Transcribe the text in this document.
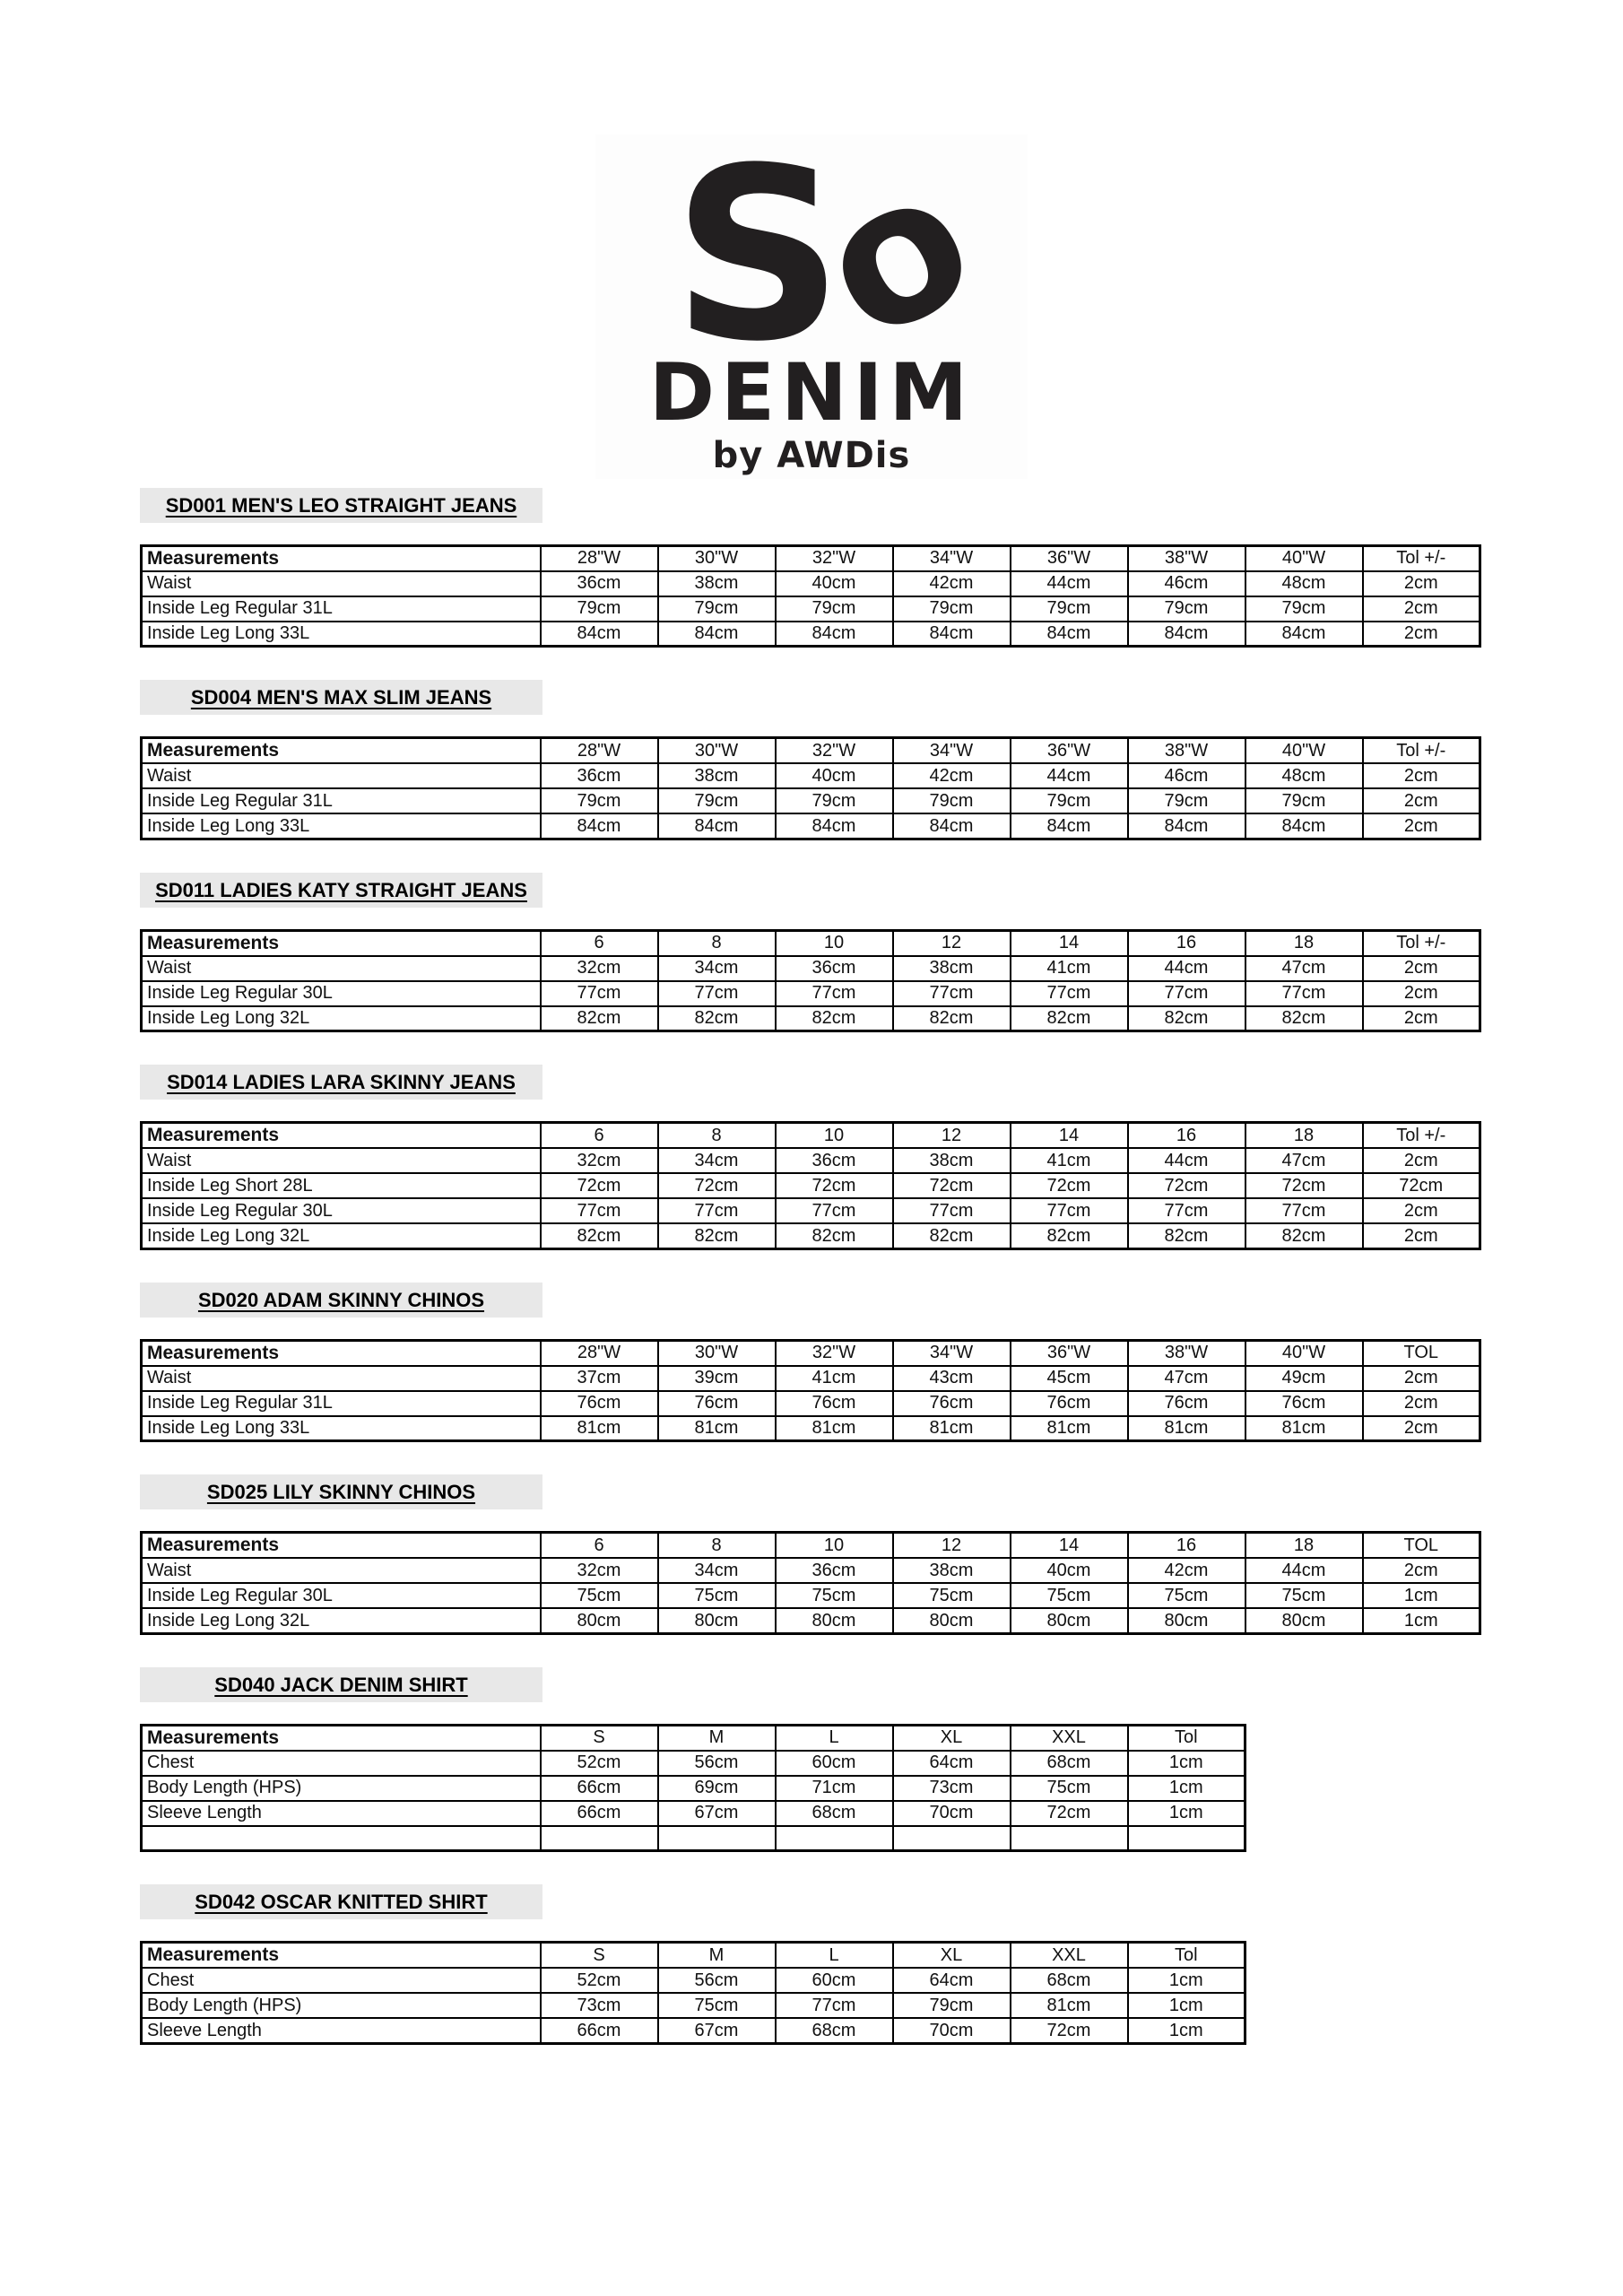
So
DENIM
by AWDis
SD001 MEN'S LEO STRAIGHT JEANS
Measurements	28"W	30"W	32"W	34"W	36"W	38"W	40"W	Tol +/-
Waist	36cm	38cm	40cm	42cm	44cm	46cm	48cm	2cm
Inside Leg Regular 31L	79cm	79cm	79cm	79cm	79cm	79cm	79cm	2cm
Inside Leg Long 33L	84cm	84cm	84cm	84cm	84cm	84cm	84cm	2cm
SD004 MEN'S MAX SLIM JEANS
Measurements	28"W	30"W	32"W	34"W	36"W	38"W	40"W	Tol +/-
Waist	36cm	38cm	40cm	42cm	44cm	46cm	48cm	2cm
Inside Leg Regular 31L	79cm	79cm	79cm	79cm	79cm	79cm	79cm	2cm
Inside Leg Long 33L	84cm	84cm	84cm	84cm	84cm	84cm	84cm	2cm
SD011 LADIES KATY STRAIGHT JEANS
Measurements	6	8	10	12	14	16	18	Tol +/-
Waist	32cm	34cm	36cm	38cm	41cm	44cm	47cm	2cm
Inside Leg Regular 30L	77cm	77cm	77cm	77cm	77cm	77cm	77cm	2cm
Inside Leg Long 32L	82cm	82cm	82cm	82cm	82cm	82cm	82cm	2cm
SD014 LADIES LARA SKINNY JEANS
Measurements	6	8	10	12	14	16	18	Tol +/-
Waist	32cm	34cm	36cm	38cm	41cm	44cm	47cm	2cm
Inside Leg Short 28L	72cm	72cm	72cm	72cm	72cm	72cm	72cm	72cm
Inside Leg Regular 30L	77cm	77cm	77cm	77cm	77cm	77cm	77cm	2cm
Inside Leg Long 32L	82cm	82cm	82cm	82cm	82cm	82cm	82cm	2cm
SD020 ADAM SKINNY CHINOS
Measurements	28"W	30"W	32"W	34"W	36"W	38"W	40"W	TOL
Waist	37cm	39cm	41cm	43cm	45cm	47cm	49cm	2cm
Inside Leg Regular 31L	76cm	76cm	76cm	76cm	76cm	76cm	76cm	2cm
Inside Leg Long 33L	81cm	81cm	81cm	81cm	81cm	81cm	81cm	2cm
SD025 LILY SKINNY CHINOS
Measurements	6	8	10	12	14	16	18	TOL
Waist	32cm	34cm	36cm	38cm	40cm	42cm	44cm	2cm
Inside Leg Regular 30L	75cm	75cm	75cm	75cm	75cm	75cm	75cm	1cm
Inside Leg Long 32L	80cm	80cm	80cm	80cm	80cm	80cm	80cm	1cm
SD040 JACK DENIM SHIRT
Measurements	S	M	L	XL	XXL	Tol
Chest	52cm	56cm	60cm	64cm	68cm	1cm
Body Length (HPS)	66cm	69cm	71cm	73cm	75cm	1cm
Sleeve Length	66cm	67cm	68cm	70cm	72cm	1cm

SD042 OSCAR KNITTED SHIRT
Measurements	S	M	L	XL	XXL	Tol
Chest	52cm	56cm	60cm	64cm	68cm	1cm
Body Length (HPS)	73cm	75cm	77cm	79cm	81cm	1cm
Sleeve Length	66cm	67cm	68cm	70cm	72cm	1cm
